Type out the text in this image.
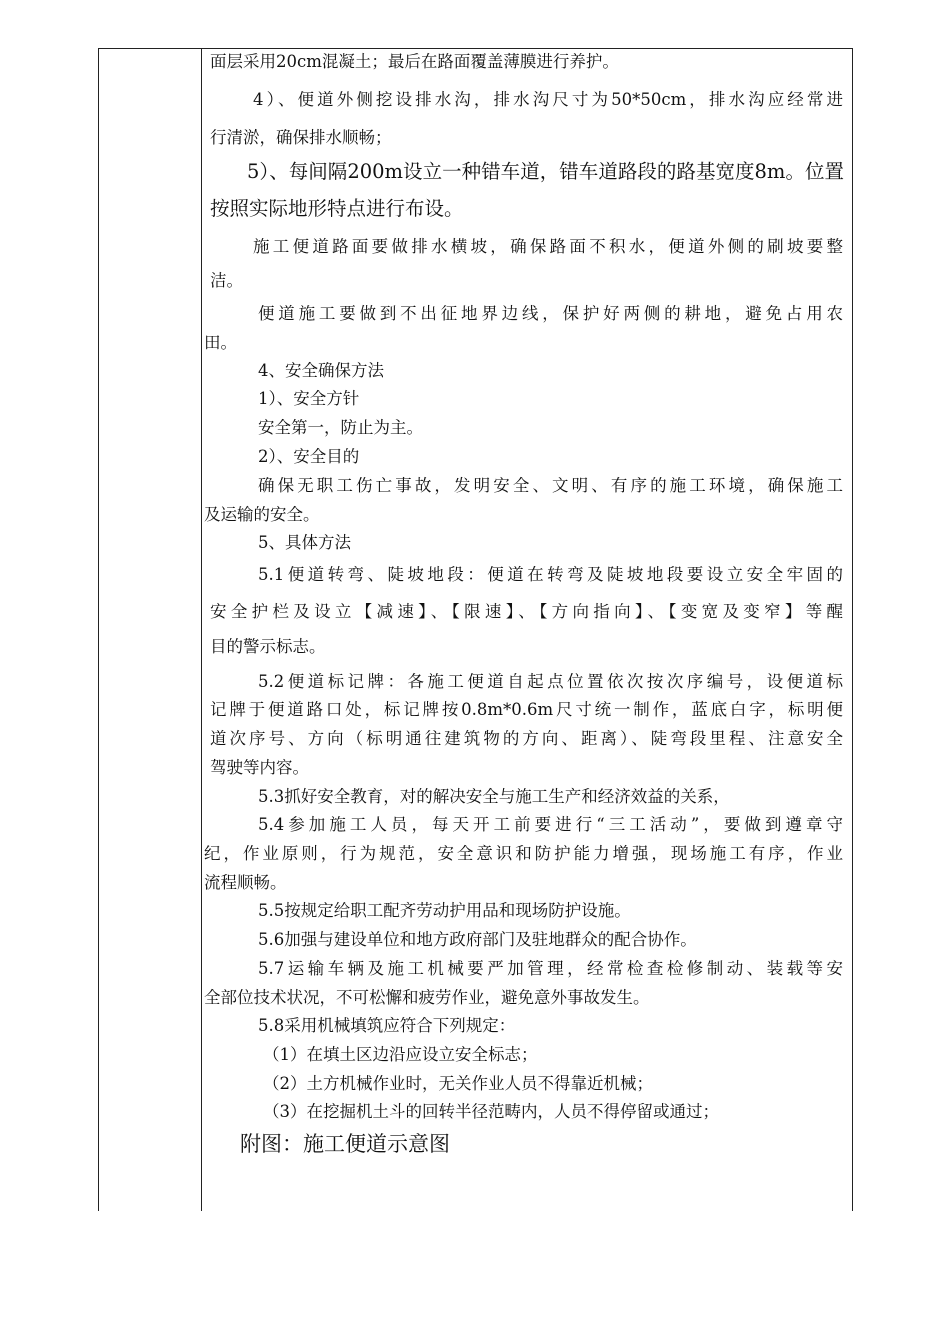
面层采用20cm混凝土；最后在路面覆盖薄膜进行养护。
4）、便道外侧挖设排水沟，排水沟尺寸为50*50cm，排水沟应经常进
行清淤，确保排水顺畅；
5）、每间隔200m设立一种错车道，错车道路段的路基宽度8m。位置
按照实际地形特点进行布设。
施工便道路面要做排水横坡，确保路面不积水，便道外侧的刷坡要整
洁。
便道施工要做到不出征地界边线，保护好两侧的耕地，避免占用农
田。
4、安全确保方法
1）、安全方针
安全第一，防止为主。
2）、安全目的
确保无职工伤亡事故，发明安全、文明、有序的施工环境，确保施工
及运输的安全。
5、具体方法
5.1便道转弯、陡坡地段：便道在转弯及陡坡地段要设立安全牢固的
安全护栏及设立【减速】、【限速】、【方向指向】、【变宽及变窄】等醒
目的警示标志。
5.2便道标记牌：各施工便道自起点位置依次按次序编号，设便道标
记牌于便道路口处，标记牌按0.8m*0.6m尺寸统一制作，蓝底白字，标明便
道次序号、方向（标明通往建筑物的方向、距离）、陡弯段里程、注意安全
驾驶等内容。
5.3抓好安全教育，对的解决安全与施工生产和经济效益的关系，
5.4参加施工人员，每天开工前要进行“三工活动”，要做到遵章守
纪，作业原则，行为规范，安全意识和防护能力增强，现场施工有序，作业
流程顺畅。
5.5按规定给职工配齐劳动护用品和现场防护设施。
5.6加强与建设单位和地方政府部门及驻地群众的配合协作。
5.7运输车辆及施工机械要严加管理，经常检查检修制动、装载等安
全部位技术状况，不可松懈和疲劳作业，避免意外事故发生。
5.8采用机械填筑应符合下列规定：
（1）在填土区边沿应设立安全标志；
（2）土方机械作业时，无关作业人员不得靠近机械；
（3）在挖掘机土斗的回转半径范畴内，人员不得停留或通过；
附图：施工便道示意图
